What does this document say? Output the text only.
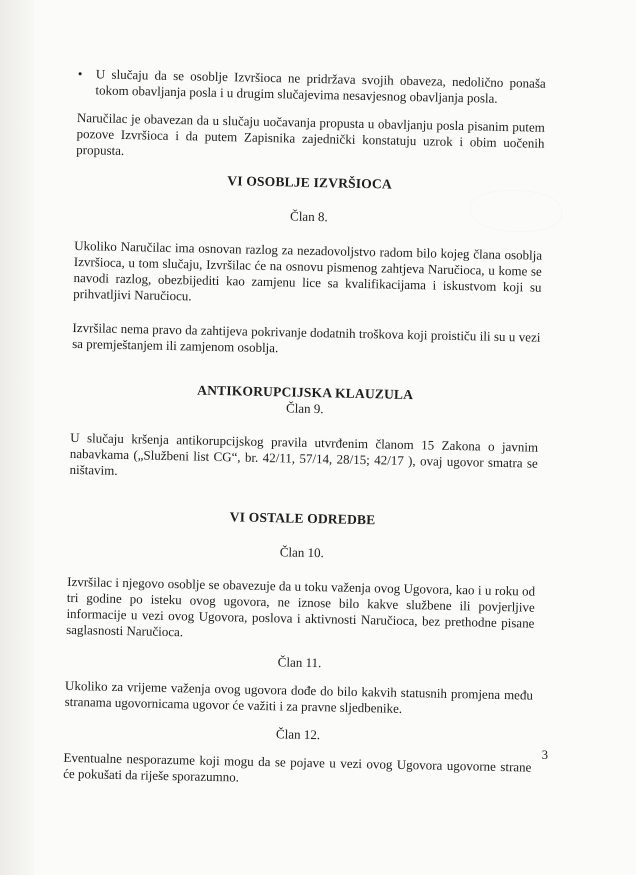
•	U slučaju da se osoblje Izvršioca ne pridržava svojih obaveza, nedolično ponaša tokom obavljanja posla i u drugim slučajevima nesavjesnog obavljanja posla.

Naručilac je obavezan da u slučaju uočavanja propusta u obavljanju posla pisanim putem pozove Izvršioca i da putem Zapisnika zajednički konstatuju uzrok i obim uočenih propusta.

VI OSOBLJE IZVRŠIOCA
Član 8.

Ukoliko Naručilac ima osnovan razlog za nezadovoljstvo radom bilo kojeg člana osoblja Izvršioca, u tom slučaju, Izvršilac će na osnovu pismenog zahtjeva Naručioca, u kome se navodi razlog, obezbijediti kao zamjenu lice sa kvalifikacijama i iskustvom koji su prihvatljivi Naručiocu.

Izvršilac nema pravo da zahtijeva pokrivanje dodatnih troškova koji proističu ili su u vezi sa premještanjem ili zamjenom osoblja.

ANTIKORUPCIJSKA KLAUZULA
Član 9.

U slučaju kršenja antikorupcijskog pravila utvrđenim članom 15 Zakona o javnim nabavkama („Službeni list CG“, br. 42/11, 57/14, 28/15; 42/17 ), ovaj ugovor smatra se ništavim.

VI OSTALE ODREDBE
Član 10.

Izvršilac i njegovo osoblje se obavezuje da u toku važenja ovog Ugovora, kao i u roku od tri godine po isteku ovog ugovora, ne iznose bilo kakve službene ili povjerljive informacije u vezi ovog Ugovora, poslova i aktivnosti Naručioca, bez prethodne pisane saglasnosti Naručioca.

Član 11.

Ukoliko za vrijeme važenja ovog ugovora dođe do bilo kakvih statusnih promjena među stranama ugovornicama ugovor će važiti i za pravne sljedbenike.

Član 12.

Eventualne nesporazume koji mogu da se pojave u vezi ovog Ugovora ugovorne strane će pokušati da riješe sporazumno.

3
